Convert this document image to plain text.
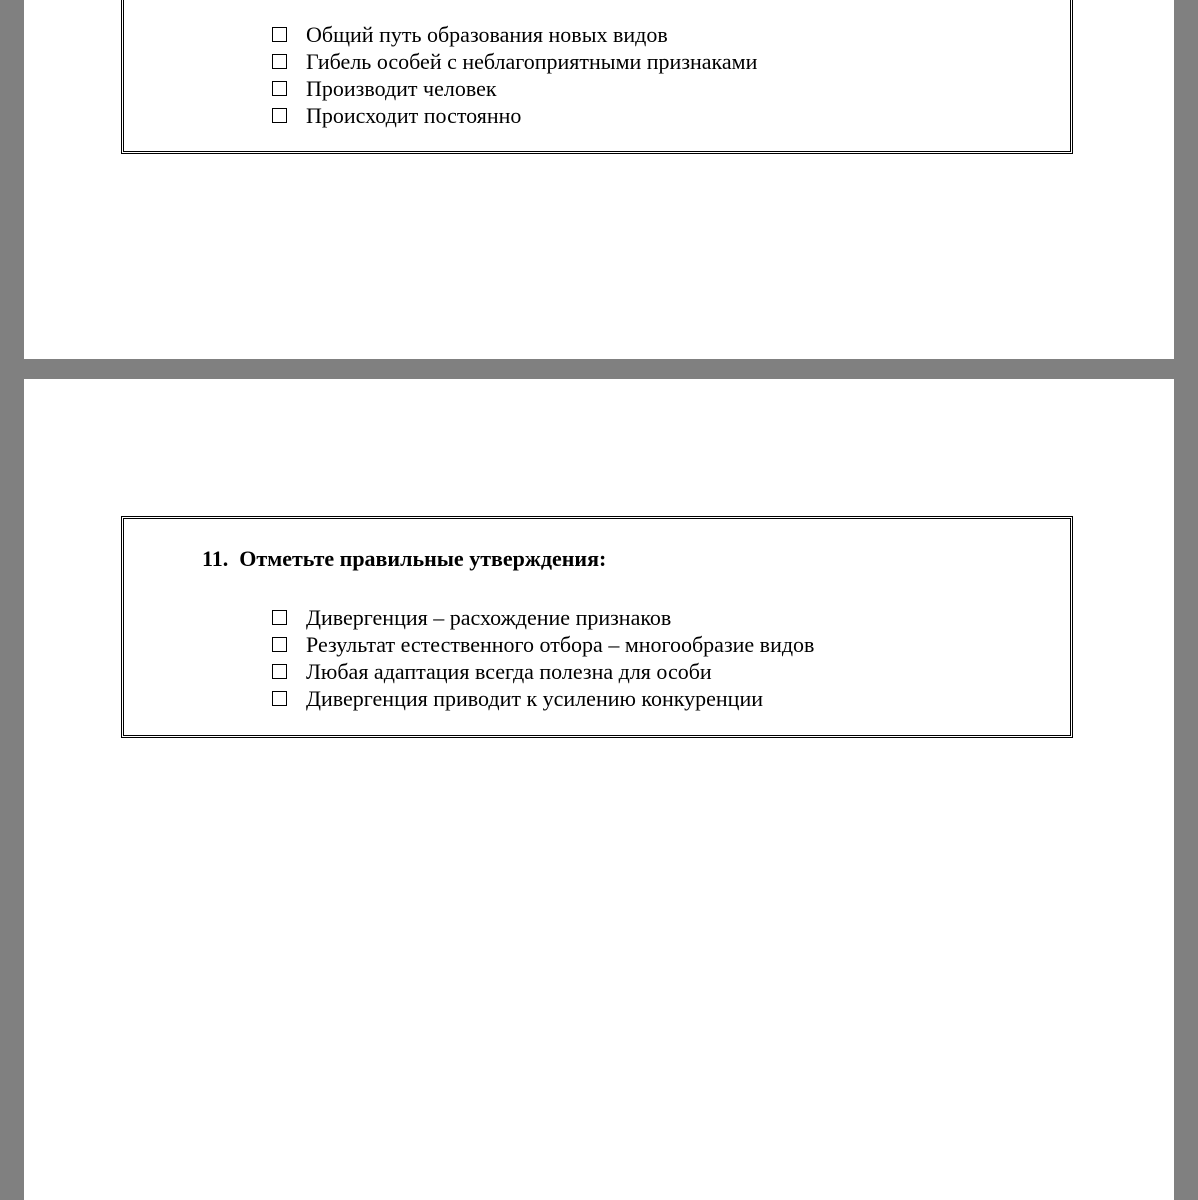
Общий путь образования новых видов
Гибель особей с неблагоприятными признаками
Производит человек
Происходит постоянно
11. Отметьте правильные утверждения:
Дивергенция – расхождение признаков
Результат естественного отбора – многообразие видов
Любая адаптация всегда полезна для особи
Дивергенция приводит к усилению конкуренции
